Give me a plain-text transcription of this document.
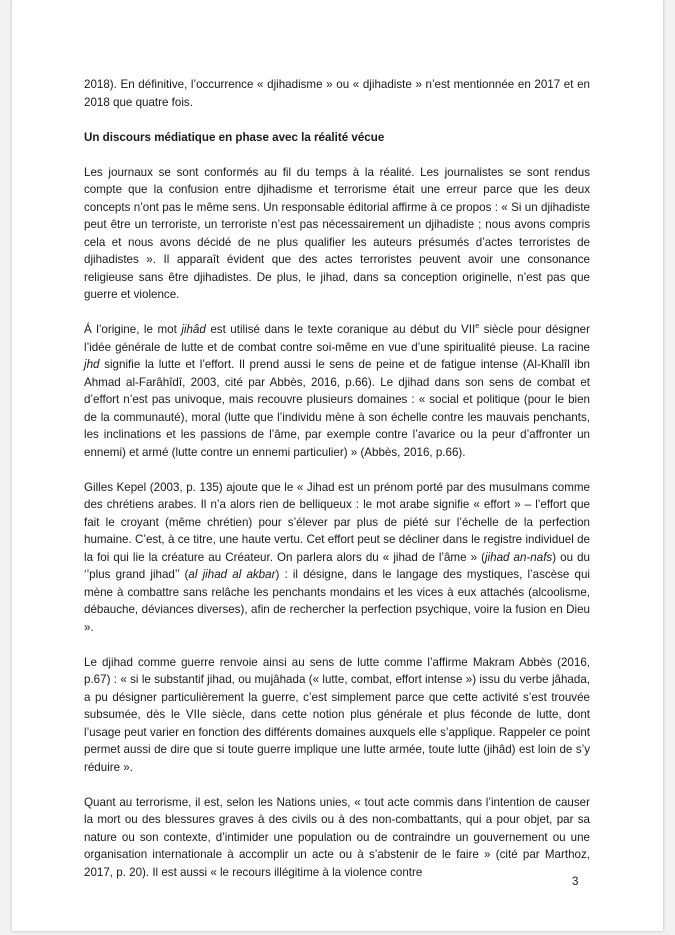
2018). En définitive, l’occurrence « djihadisme » ou « djihadiste » n’est mentionnée en 2017 et en 2018 que quatre fois.

Un discours médiatique en phase avec la réalité vécue

Les journaux se sont conformés au fil du temps à la réalité. Les journalistes se sont rendus compte que la confusion entre djihadisme et terrorisme était une erreur parce que les deux concepts n’ont pas le même sens. Un responsable éditorial affirme à ce propos : « Si un djihadiste peut être un terroriste, un terroriste n’est pas nécessairement un djihadiste ; nous avons compris cela et nous avons décidé de ne plus qualifier les auteurs présumés d’actes terroristes de djihadistes ». Il apparaît évident que des actes terroristes peuvent avoir une consonance religieuse sans être djihadistes. De plus, le jihad, dans sa conception originelle, n’est pas que guerre et violence.

Á l’origine, le mot jihâd est utilisé dans le texte coranique au début du VIIe siècle pour désigner l’idée générale de lutte et de combat contre soi-même en vue d’une spiritualité pieuse. La racine jhd signifie la lutte et l’effort. Il prend aussi le sens de peine et de fatigue intense (Al-Khalîl ibn Ahmad al-Farâhîdî, 2003, cité par Abbès, 2016, p.66). Le djihad dans son sens de combat et d’effort n’est pas univoque, mais recouvre plusieurs domaines : « social et politique (pour le bien de la communauté), moral (lutte que l’individu mène à son échelle contre les mauvais penchants, les inclinations et les passions de l’âme, par exemple contre l’avarice ou la peur d’affronter un ennemi) et armé (lutte contre un ennemi particulier) » (Abbès, 2016, p.66).

Gilles Kepel (2003, p. 135) ajoute que le « Jihad est un prénom porté par des musulmans comme des chrétiens arabes. Il n’a alors rien de belliqueux : le mot arabe signifie « effort » – l’effort que fait le croyant (même chrétien) pour s’élever par plus de piété sur l’échelle de la perfection humaine. C’est, à ce titre, une haute vertu. Cet effort peut se décliner dans le registre individuel de la foi qui lie la créature au Créateur. On parlera alors du « jihad de l’âme » (jihad an-nafs) ou du ‘’plus grand jihad’’ (al jihad al akbar) : il désigne, dans le langage des mystiques, l’ascèse qui mène à combattre sans relâche les penchants mondains et les vices à eux attachés (alcoolisme, débauche, déviances diverses), afin de rechercher la perfection psychique, voire la fusion en Dieu ».

Le djihad comme guerre renvoie ainsi au sens de lutte comme l’affirme Makram Abbès (2016, p.67) : « si le substantif jihad, ou mujâhada (« lutte, combat, effort intense ») issu du verbe jâhada, a pu désigner particulièrement la guerre, c’est simplement parce que cette activité s’est trouvée subsumée, dès le VIIe siècle, dans cette notion plus générale et plus féconde de lutte, dont l’usage peut varier en fonction des différents domaines auxquels elle s’applique. Rappeler ce point permet aussi de dire que si toute guerre implique une lutte armée, toute lutte (jihâd) est loin de s’y réduire ».

Quant au terrorisme, il est, selon les Nations unies, « tout acte commis dans l’intention de causer la mort ou des blessures graves à des civils ou à des non-combattants, qui a pour objet, par sa nature ou son contexte, d’intimider une population ou de contraindre un gouvernement ou une organisation internationale à accomplir un acte ou à s’abstenir de le faire » (cité par Marthoz, 2017, p. 20). Il est aussi « le recours illégitime à la violence contre

3
